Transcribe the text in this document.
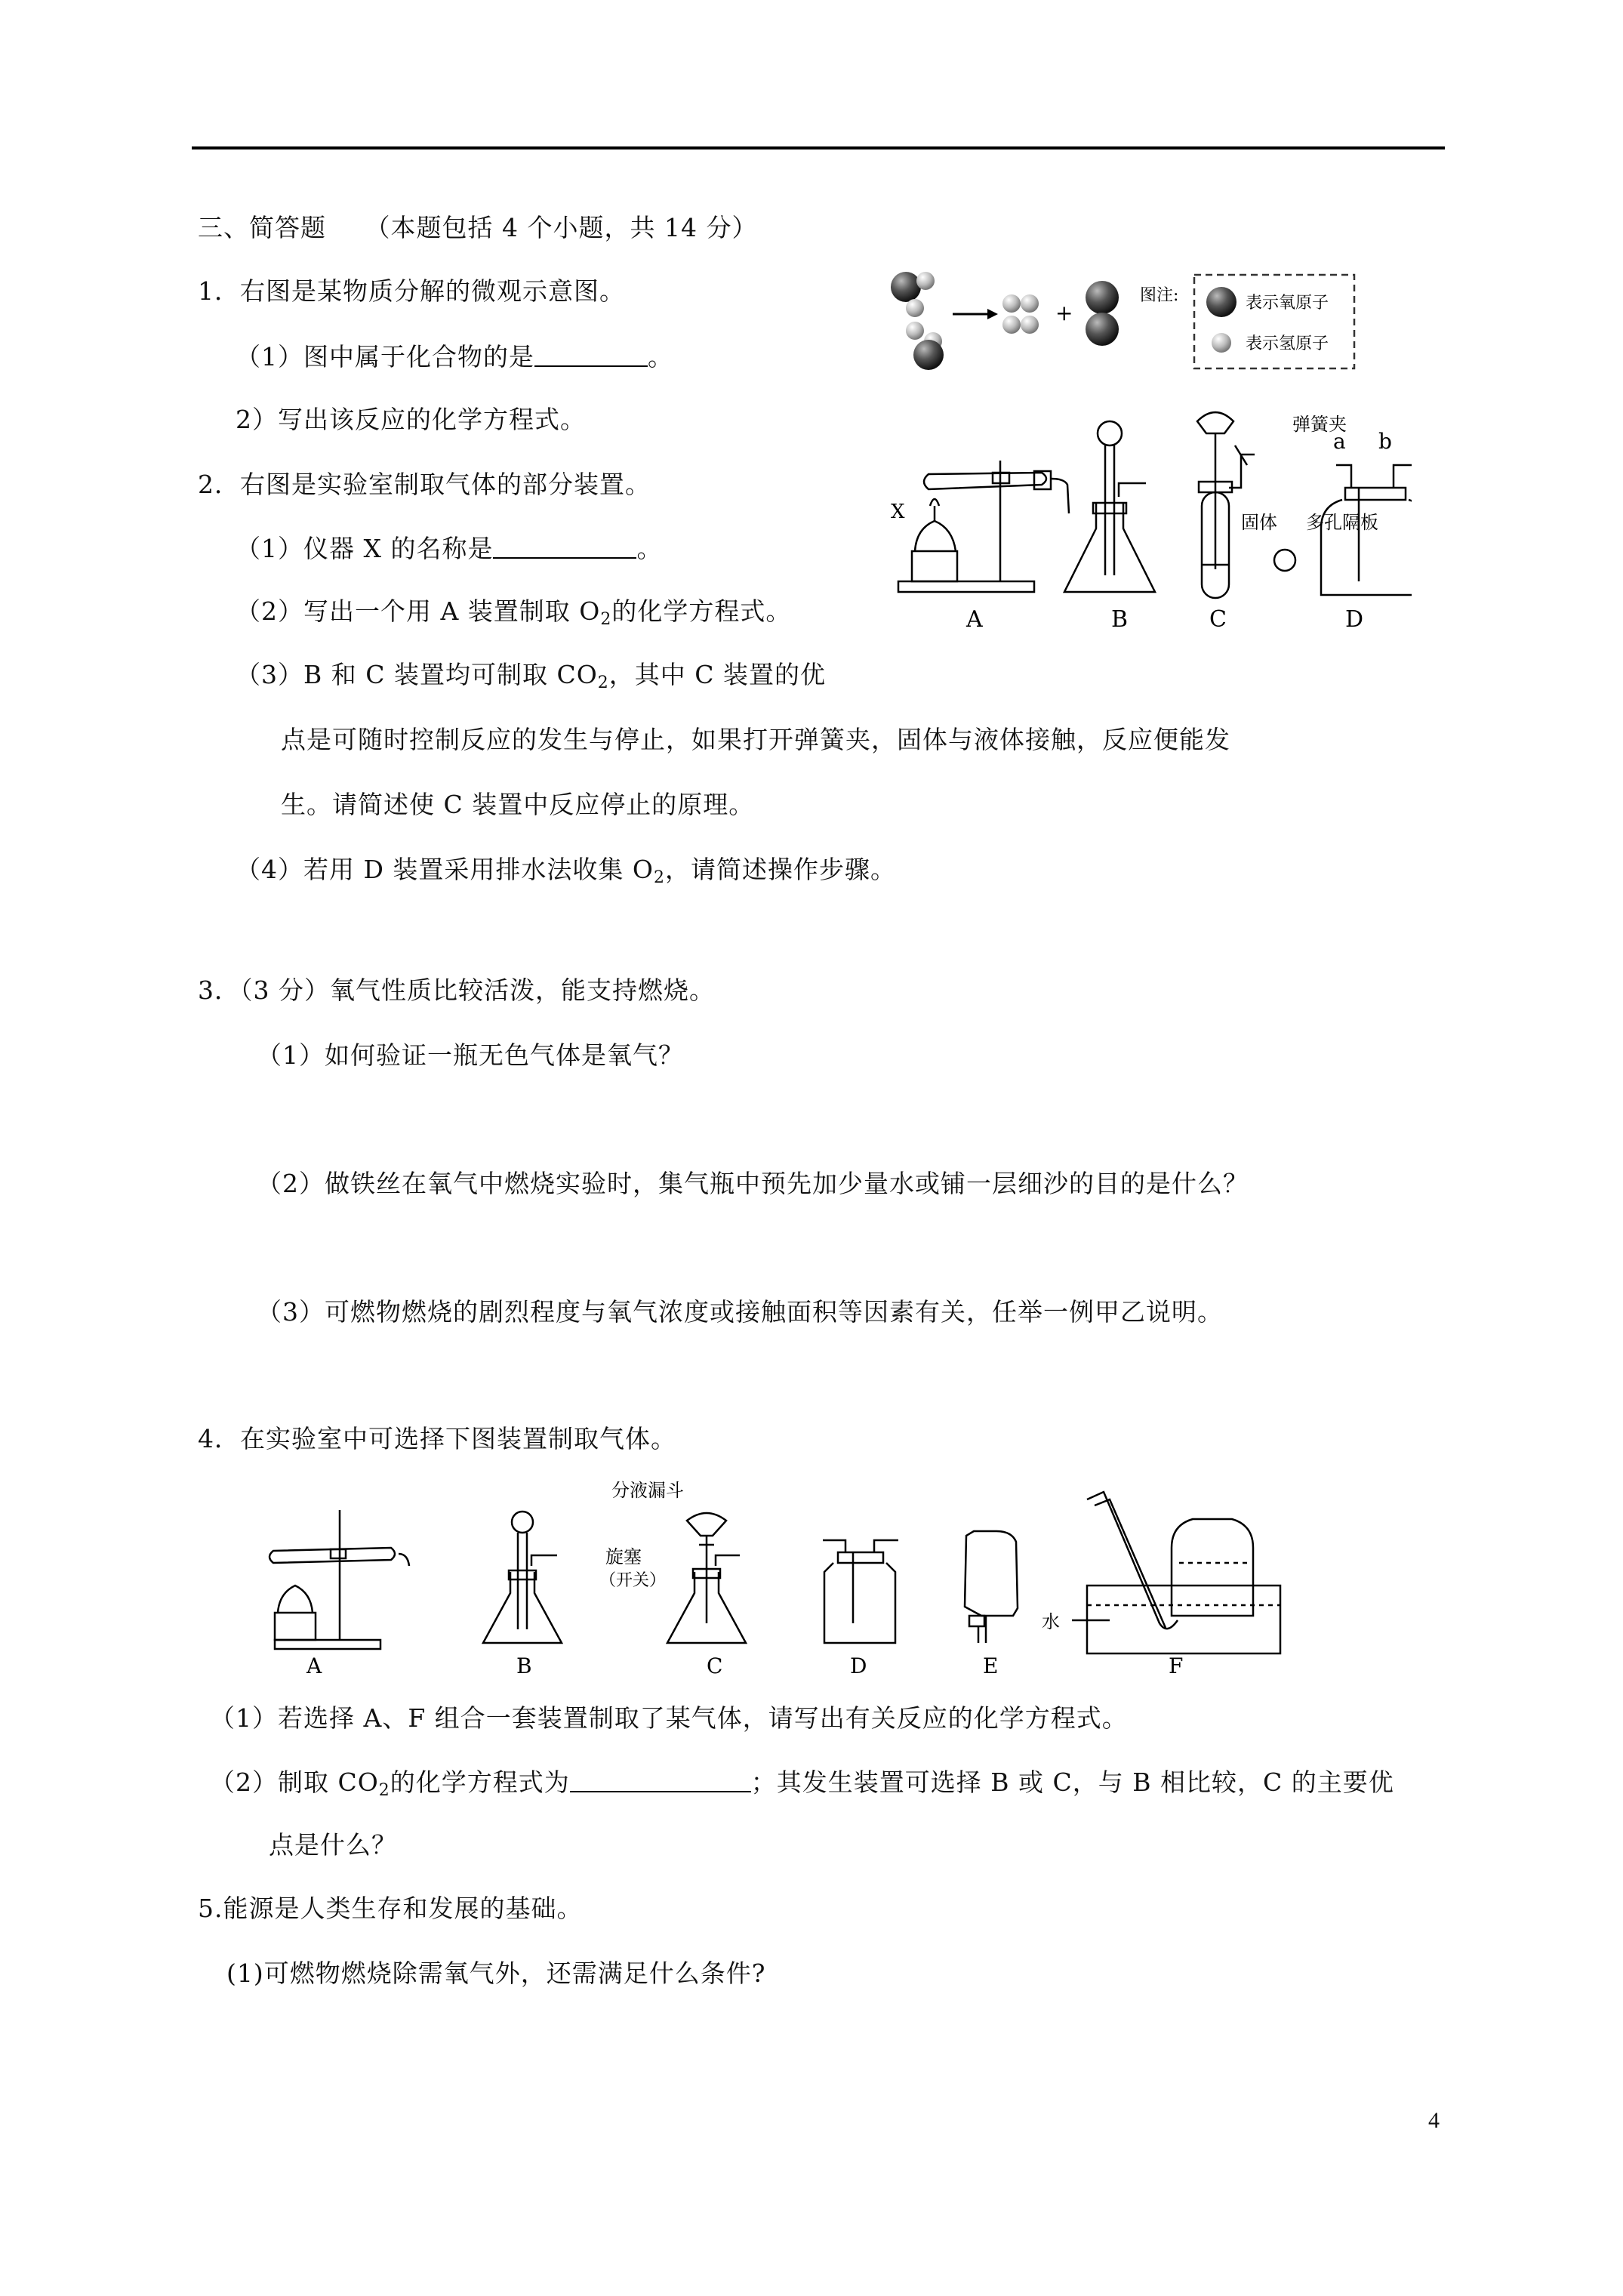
三、简答题 （本题包括 4 个小题，共 14 分）
1．右图是某物质分解的微观示意图。
（1）图中属于化合物的是	。
2）写出该反应的化学方程式。
+
图注:	表示氧原子
表示氢原子
2．右图是实验室制取气体的部分装置。
（1）仪器 X 的名称是	。
（2）写出一个用 A 装置制取 $O_2$的化学方程式。
（3）B 和 C 装置均可制取 $CO_2$，其中 C 装置的优
点是可随时控制反应的发生与停止，如果打开弹簧夹，固体与液体接触，反应便能发
生。请简述使 C 装置中反应停止的原理。
（4）若用 D 装置采用排水法收集 $O_2$，请简述操作步骤。
X
A	B
弹簧夹
固体 多孔隔板
C
a b
D
3．（3 分）氧气性质比较活泼，能支持燃烧。
（1）如何验证一瓶无色气体是氧气？
（2）做铁丝在氧气中燃烧实验时，集气瓶中预先加少量水或铺一层细沙的目的是什么？
（3）可燃物燃烧的剧烈程度与氧气浓度或接触面积等因素有关，任举一例甲乙说明。
4．在实验室中可选择下图装置制取气体。
A	B
分液漏斗
旋塞
（开关）
C	D	E
水
F
（1）若选择 A、F 组合一套装置制取了某气体，请写出有关反应的化学方程式。
（2）制取 $CO_2$的化学方程式为	；其发生装置可选择 B 或 C，与 B 相比较，C 的主要优
点是什么？
5.能源是人类生存和发展的基础。
(1)可燃物燃烧除需氧气外，还需满足什么条件?
4
